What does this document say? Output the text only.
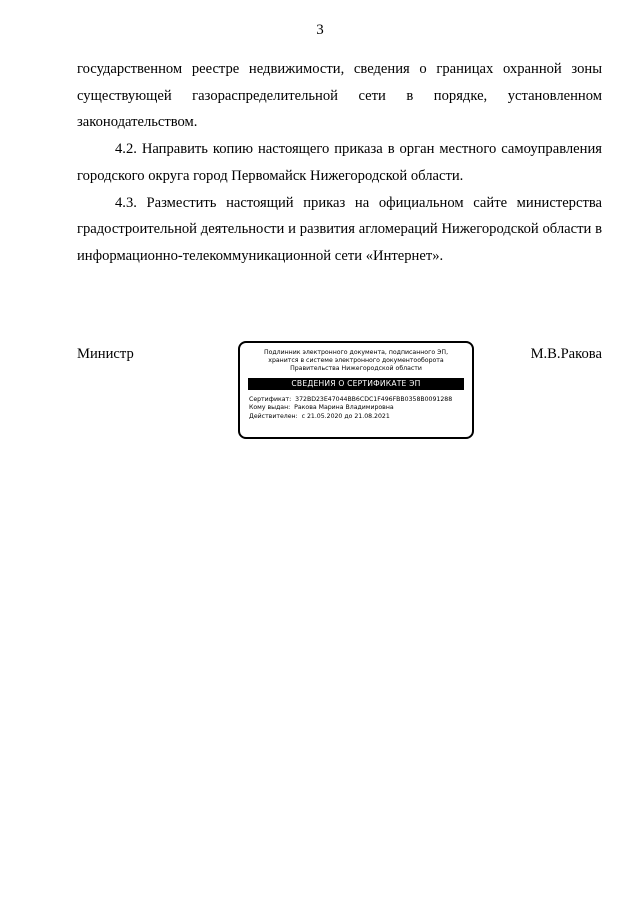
3

государственном реестре недвижимости, сведения о границах охранной зоны существующей газораспределительной сети в порядке, установленном законодательством.

4.2. Направить копию настоящего приказа в орган местного самоуправления городского округа город Первомайск Нижегородской области.

4.3. Разместить настоящий приказ на официальном сайте министерства градостроительной деятельности и развития агломераций Нижегородской области в информационно-телекоммуникационной сети «Интернет».

Министр	Подлинник электронного документа, подписанного ЭП,
хранится в системе электронного документооборота
Правительства Нижегородской области
СВЕДЕНИЯ О СЕРТИФИКАТЕ ЭП
Сертификат:  372BD23E47044BB6CDC1F496FBB0358B0091288
Кому выдан:  Ракова Марина Владимировна
Действителен:  с 21.05.2020 до 21.08.2021
М.В.Ракова
